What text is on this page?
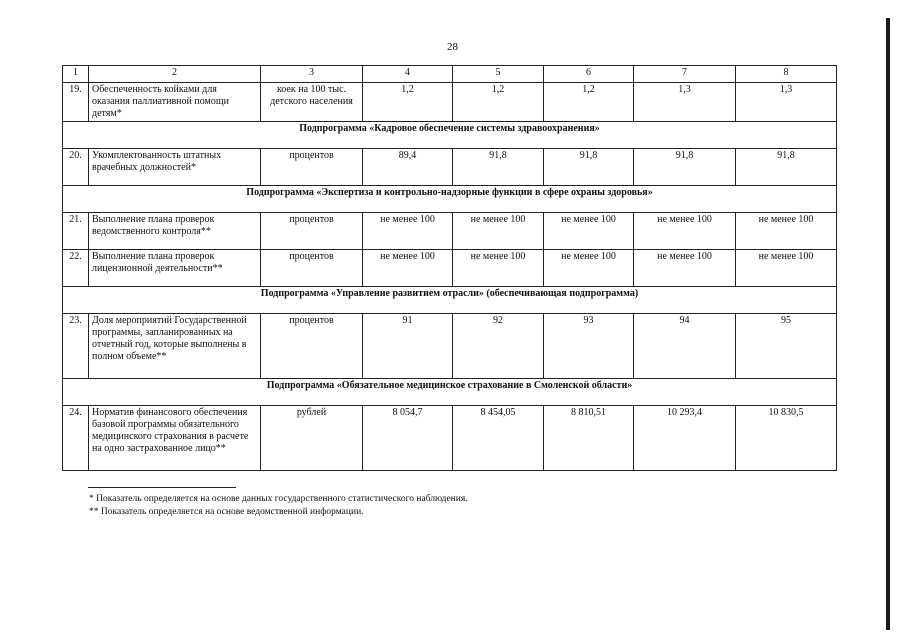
28
1	2	3	4	5	6	7	8
19.	Обеспеченность койками для оказания паллиативной помощи детям*	коек на 100 тыс. детского населения	1,2	1,2	1,2	1,3	1,3
Подпрограмма «Кадровое обеспечение системы здравоохранения»							
20.	Укомплектованность штатных врачебных должностей*	процентов	89,4	91,8	91,8	91,8	91,8
Подпрограмма «Экспертиза и контрольно-надзорные функции в сфере охраны здоровья»							
21.	Выполнение плана проверок ведомственного контроля**	процентов	не менее 100	не менее 100	не менее 100	не менее 100	не менее 100
22.	Выполнение плана проверок лицензионной деятельности**	процентов	не менее 100	не менее 100	не менее 100	не менее 100	не менее 100
Подпрограмма «Управление развитием отрасли» (обеспечивающая подпрограмма)							
23.	Доля мероприятий Государственной программы, запланированных на отчетный год, которые выполнены в полном объеме**	процентов	91	92	93	94	95
Подпрограмма «Обязательное медицинское страхование в Смоленской области»							
24.	Норматив финансового обеспечения базовой программы обязательного медицинского страхования в расчете на одно застрахованное лицо**	рублей	8 054,7	8 454,05	8 810,51	10 293,4	10 830,5
* Показатель определяется на основе данных государственного статистического наблюдения.
** Показатель определяется на основе ведомственной информации.
